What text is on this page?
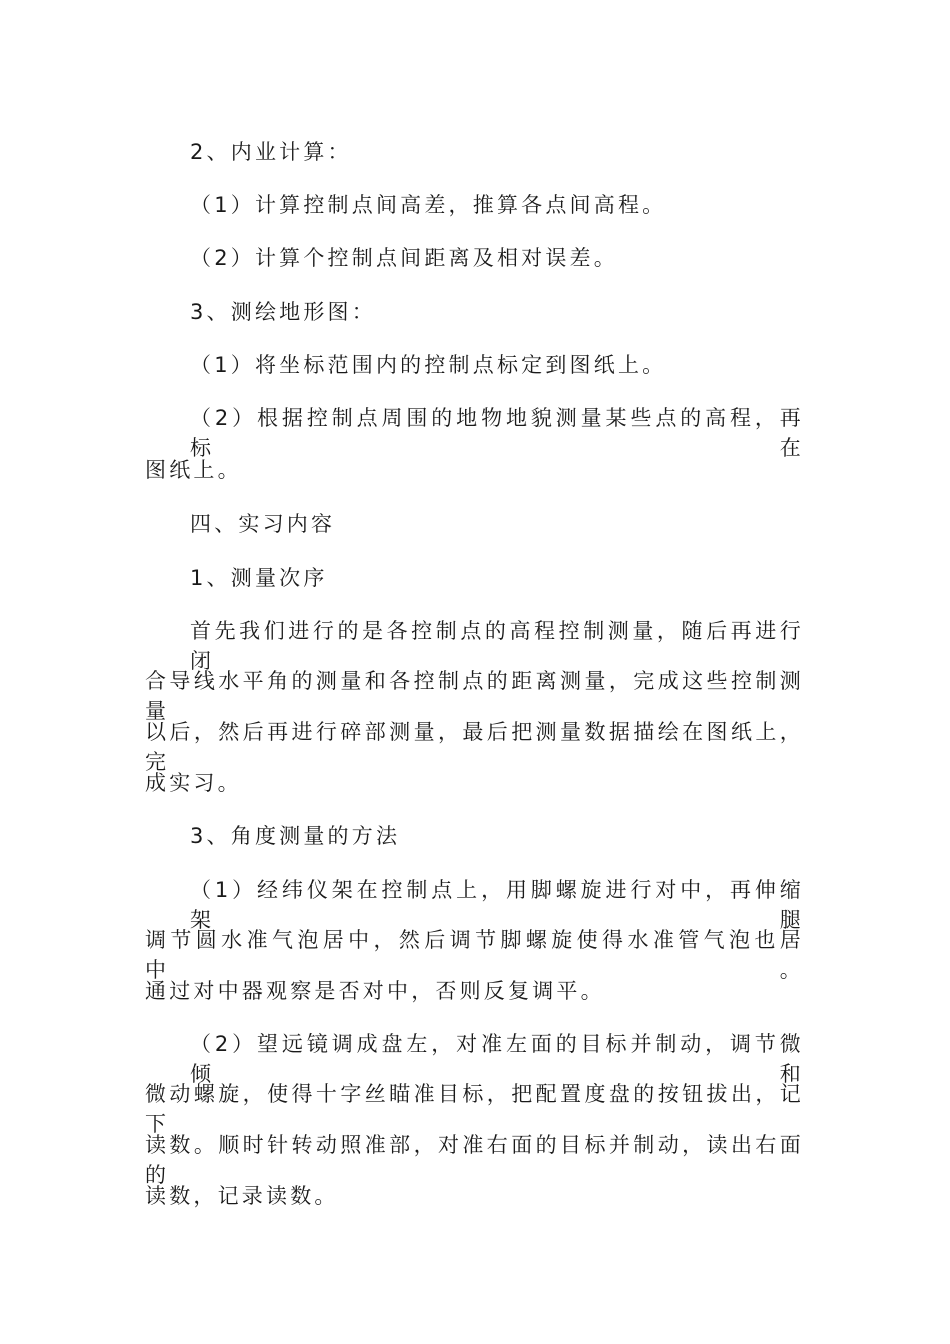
2、内业计算：
（1）计算控制点间高差，推算各点间高程。
（2）计算个控制点间距离及相对误差。
3、测绘地形图：
（1）将坐标范围内的控制点标定到图纸上。
（2）根据控制点周围的地物地貌测量某些点的高程，再标在
图纸上。
四、实习内容
1、测量次序
首先我们进行的是各控制点的高程控制测量，随后再进行闭
合导线水平角的测量和各控制点的距离测量，完成这些控制测量
以后，然后再进行碎部测量，最后把测量数据描绘在图纸上，完
成实习。
3、角度测量的方法
（1）经纬仪架在控制点上，用脚螺旋进行对中，再伸缩架腿
调节圆水准气泡居中，然后调节脚螺旋使得水准管气泡也居中。
通过对中器观察是否对中，否则反复调平。
（2）望远镜调成盘左，对准左面的目标并制动，调节微倾和
微动螺旋，使得十字丝瞄准目标，把配置度盘的按钮拔出，记下
读数。顺时针转动照准部，对准右面的目标并制动，读出右面的
读数，记录读数。
